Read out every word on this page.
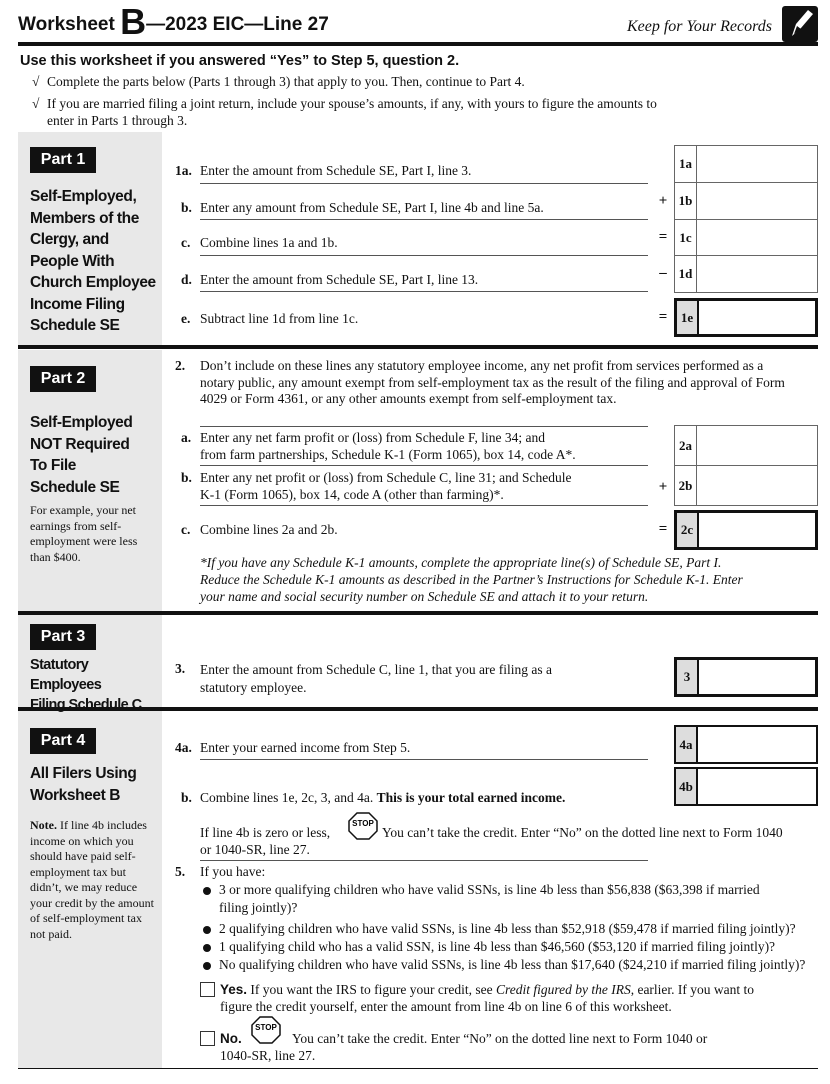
Worksheet B—2023 EIC—Line 27	Keep for Your Records
Use this worksheet if you answered “Yes” to Step 5, question 2.
√ Complete the parts below (Parts 1 through 3) that apply to you. Then, continue to Part 4.
√ If you are married filing a joint return, include your spouse’s amounts, if any, with yours to figure the amounts to
enter in Parts 1 through 3.
Part 1
Self-Employed,
Members of the
Clergy, and
People With
Church Employee
Income Filing
Schedule SE
1a. Enter the amount from Schedule SE, Part I, line 3.
b. Enter any amount from Schedule SE, Part I, line 4b and line 5a.
c. Combine lines 1a and 1b.
d. Enter the amount from Schedule SE, Part I, line 13.
e. Subtract line 1d from line 1c.
+
=
–
=
1a
1b
1c
1d
1e
Part 2
Self-Employed
NOT Required
To File
Schedule SE
For example, your net earnings from self-employment were less than $400.
2. Don’t include on these lines any statutory employee income, any net profit from services performed as a
notary public, any amount exempt from self-employment tax as the result of the filing and approval of Form
4029 or Form 4361, or any other amounts exempt from self-employment tax.
a. Enter any net farm profit or (loss) from Schedule F, line 34; and
from farm partnerships, Schedule K-1 (Form 1065), box 14, code A*.
b. Enter any net profit or (loss) from Schedule C, line 31; and Schedule
K-1 (Form 1065), box 14, code A (other than farming)*.
c. Combine lines 2a and 2b.
+
=
2a
2b
2c
*If you have any Schedule K-1 amounts, complete the appropriate line(s) of Schedule SE, Part I.
Reduce the Schedule K-1 amounts as described in the Partner’s Instructions for Schedule K-1. Enter
your name and social security number on Schedule SE and attach it to your return.
Part 3
Statutory Employees
Filing Schedule C
3. Enter the amount from Schedule C, line 1, that you are filing as a
statutory employee.
3
Part 4
All Filers Using
Worksheet B
Note. If line 4b includes income on which you should have paid self-employment tax but didn’t, we may reduce your credit by the amount of self-employment tax not paid.
4a. Enter your earned income from Step 5.
b. Combine lines 1e, 2c, 3, and 4a. This is your total earned income.
4a
4b
If line 4b is zero or less,
STOP
You can’t take the credit. Enter “No” on the dotted line next to Form 1040
or 1040-SR, line 27.
5. If you have:
3 or more qualifying children who have valid SSNs, is line 4b less than $56,838 ($63,398 if married
filing jointly)?
2 qualifying children who have valid SSNs, is line 4b less than $52,918 ($59,478 if married filing jointly)?
1 qualifying child who has a valid SSN, is line 4b less than $46,560 ($53,120 if married filing jointly)?
No qualifying children who have valid SSNs, is line 4b less than $17,640 ($24,210 if married filing jointly)?
Yes. If you want the IRS to figure your credit, see Credit figured by the IRS, earlier. If you want to
figure the credit yourself, enter the amount from line 4b on line 6 of this worksheet.
No.
STOP
You can’t take the credit. Enter “No” on the dotted line next to Form 1040 or
1040-SR, line 27.
